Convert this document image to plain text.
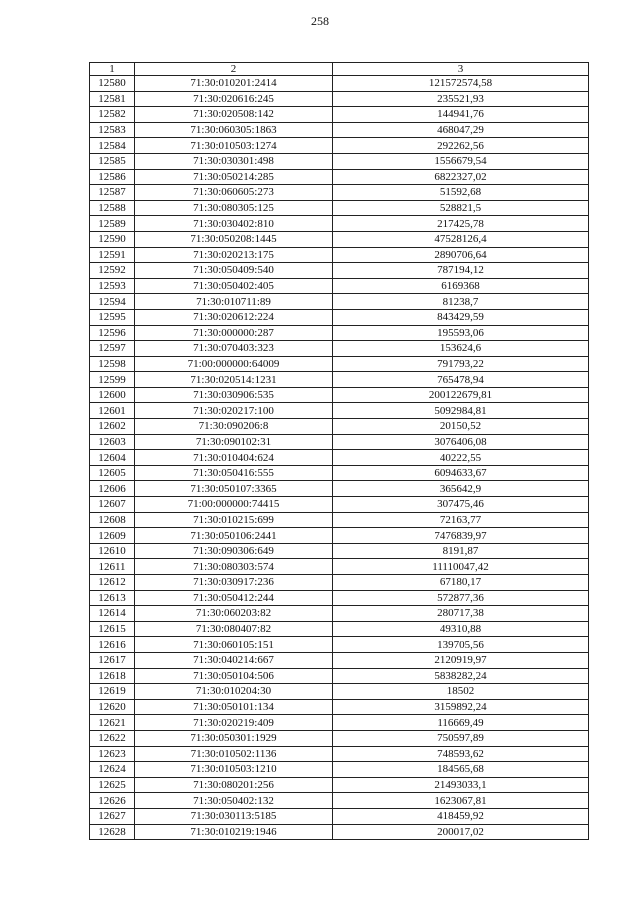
258
1	2	3
12580	71:30:010201:2414	121572574,58
12581	71:30:020616:245	235521,93
12582	71:30:020508:142	144941,76
12583	71:30:060305:1863	468047,29
12584	71:30:010503:1274	292262,56
12585	71:30:030301:498	1556679,54
12586	71:30:050214:285	6822327,02
12587	71:30:060605:273	51592,68
12588	71:30:080305:125	528821,5
12589	71:30:030402:810	217425,78
12590	71:30:050208:1445	47528126,4
12591	71:30:020213:175	2890706,64
12592	71:30:050409:540	787194,12
12593	71:30:050402:405	6169368
12594	71:30:010711:89	81238,7
12595	71:30:020612:224	843429,59
12596	71:30:000000:287	195593,06
12597	71:30:070403:323	153624,6
12598	71:00:000000:64009	791793,22
12599	71:30:020514:1231	765478,94
12600	71:30:030906:535	200122679,81
12601	71:30:020217:100	5092984,81
12602	71:30:090206:8	20150,52
12603	71:30:090102:31	3076406,08
12604	71:30:010404:624	40222,55
12605	71:30:050416:555	6094633,67
12606	71:30:050107:3365	365642,9
12607	71:00:000000:74415	307475,46
12608	71:30:010215:699	72163,77
12609	71:30:050106:2441	7476839,97
12610	71:30:090306:649	8191,87
12611	71:30:080303:574	11110047,42
12612	71:30:030917:236	67180,17
12613	71:30:050412:244	572877,36
12614	71:30:060203:82	280717,38
12615	71:30:080407:82	49310,88
12616	71:30:060105:151	139705,56
12617	71:30:040214:667	2120919,97
12618	71:30:050104:506	5838282,24
12619	71:30:010204:30	18502
12620	71:30:050101:134	3159892,24
12621	71:30:020219:409	116669,49
12622	71:30:050301:1929	750597,89
12623	71:30:010502:1136	748593,62
12624	71:30:010503:1210	184565,68
12625	71:30:080201:256	21493033,1
12626	71:30:050402:132	1623067,81
12627	71:30:030113:5185	418459,92
12628	71:30:010219:1946	200017,02
